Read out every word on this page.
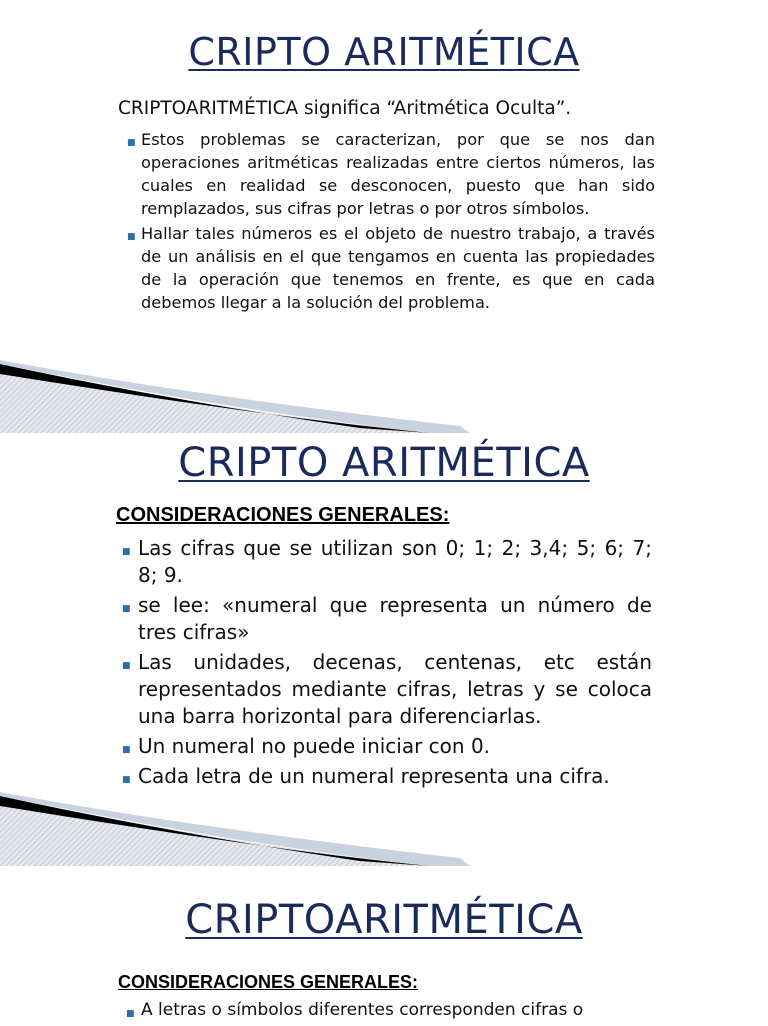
CRIPTO ARITMÉTICA

CRIPTOARITMÉTICA significa “Aritmética Oculta”.

■ Estos problemas se caracterizan, por que se nos dan operaciones aritméticas realizadas entre ciertos números, las cuales en realidad se desconocen, puesto que han sido remplazados, sus cifras por letras o por otros símbolos.
■ Hallar tales números es el objeto de nuestro trabajo, a través de un análisis en el que tengamos en cuenta las propiedades de la operación que tenemos en frente, es que en cada debemos llegar a la solución del problema.
CRIPTO ARITMÉTICA
CONSIDERACIONES GENERALES:
■ Las cifras que se utilizan son 0; 1; 2; 3,4; 5; 6; 7; 8; 9.
■ se lee: «numeral que representa un número de tres cifras»
■ Las unidades, decenas, centenas, etc están representados mediante cifras, letras y se coloca una barra horizontal para diferenciarlas.
■ Un numeral no puede iniciar con 0.
■ Cada letra de un numeral representa una cifra.
CRIPTOARITMÉTICA
CONSIDERACIONES GENERALES:
■ A letras o símbolos diferentes corresponden cifras o
